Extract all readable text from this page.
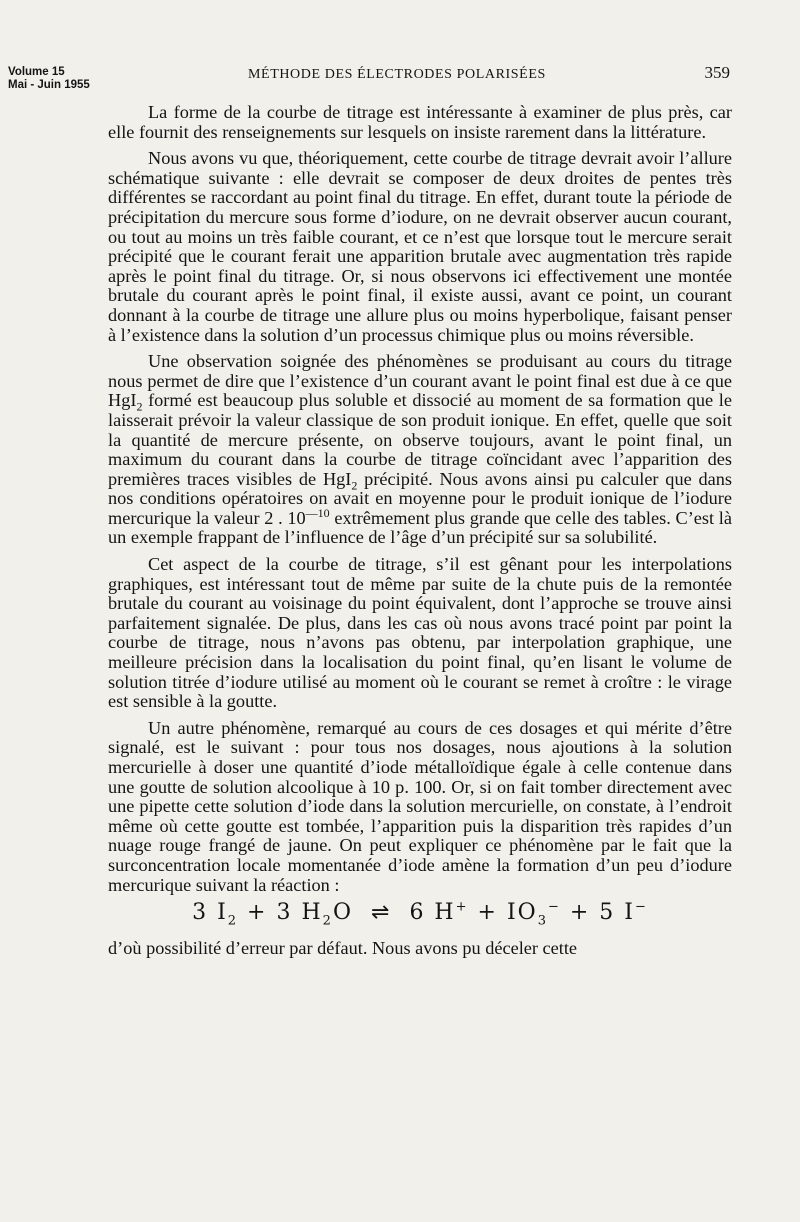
Volume 15
Mai - Juin 1955
MÉTHODE DES ÉLECTRODES POLARISÉES	359

La forme de la courbe de titrage est intéressante à examiner de plus près, car elle fournit des renseignements sur lesquels on insiste rarement dans la littérature.

Nous avons vu que, théoriquement, cette courbe de titrage devrait avoir l’allure schématique suivante : elle devrait se composer de deux droites de pentes très différentes se raccordant au point final du titrage. En effet, durant toute la période de précipitation du mercure sous forme d’iodure, on ne devrait observer aucun courant, ou tout au moins un très faible courant, et ce n’est que lorsque tout le mercure serait précipité que le courant ferait une apparition brutale avec augmentation très rapide après le point final du titrage. Or, si nous observons ici effectivement une montée brutale du courant après le point final, il existe aussi, avant ce point, un courant donnant à la courbe de titrage une allure plus ou moins hyperbolique, faisant penser à l’existence dans la solution d’un processus chimique plus ou moins réversible.

Une observation soignée des phénomènes se produisant au cours du titrage nous permet de dire que l’existence d’un courant avant le point final est due à ce que HgI$_2$ formé est beaucoup plus soluble et dissocié au moment de sa formation que le laisserait prévoir la valeur classique de son produit ionique. En effet, quelle que soit la quantité de mercure présente, on observe toujours, avant le point final, un maximum du courant dans la courbe de titrage coïncidant avec l’apparition des premières traces visibles de HgI$_2$ précipité. Nous avons ainsi pu calculer que dans nos conditions opératoires on avait en moyenne pour le produit ionique de l’iodure mercurique la valeur 2 . $10^{—10}$ extrêmement plus grande que celle des tables. C’est là un exemple frappant de l’influence de l’âge d’un précipité sur sa solubilité.

Cet aspect de la courbe de titrage, s’il est gênant pour les interpolations graphiques, est intéressant tout de même par suite de la chute puis de la remontée brutale du courant au voisinage du point équivalent, dont l’approche se trouve ainsi parfaitement signalée. De plus, dans les cas où nous avons tracé point par point la courbe de titrage, nous n’avons pas obtenu, par interpolation graphique, une meilleure précision dans la localisation du point final, qu’en lisant le volume de solution titrée d’iodure utilisé au moment où le courant se remet à croître : le virage est sensible à la goutte.

Un autre phénomène, remarqué au cours de ces dosages et qui mérite d’être signalé, est le suivant : pour tous nos dosages, nous ajoutions à la solution mercurielle à doser une quantité d’iode métalloïdique égale à celle contenue dans une goutte de solution alcoolique à 10 p. 100. Or, si on fait tomber directement avec une pipette cette solution d’iode dans la solution mercurielle, on constate, à l’endroit même où cette goutte est tombée, l’apparition puis la disparition très rapides d’un nuage rouge frangé de jaune. On peut expliquer ce phénomène par le fait que la surconcentration locale momentanée d’iode amène la formation d’un peu d’iodure mercurique suivant la réaction :

3 $I_2 + 3$ $H_2O$ ⇌ 6 $H^+ + IO_3^- + 5$ I−

d’où possibilité d’erreur par défaut. Nous avons pu déceler cette
